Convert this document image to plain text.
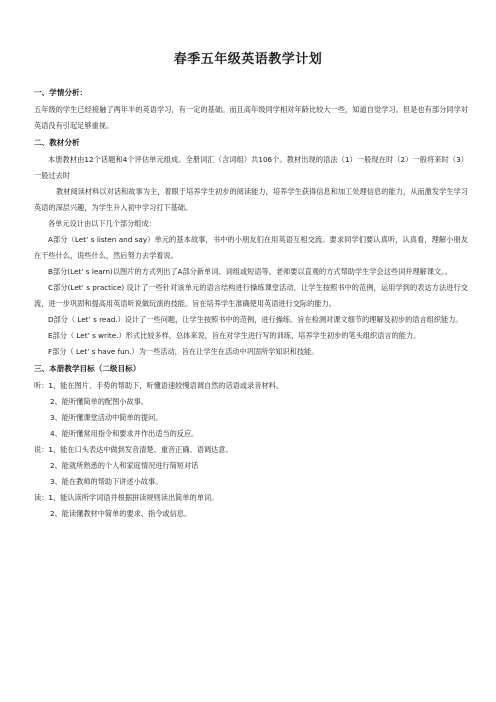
春季五年级英语教学计划
一、学情分析：

五年级的学生已经接触了两年半的英语学习，有一定的基础。而且高年级同学相对年龄比较大一些，知道自觉学习。但是也有部分同学对英语没有引起足够重视。

二、教材分析

本册教材由12个话题和4个评估单元组成。全册词汇（含词组）共106个。教材出现的语法（1）一般现在时（2）一般将来时（3）一般过去时

教材阅读材料以对话和故事为主，着眼于培养学生初步的阅读能力，培养学生获得信息和加工处理信息的能力，从而激发学生学习英语的深层兴趣，为学生升入初中学习打下基础。

各单元设计由以下几个部分组成：

A部分（Let’ s listen and say）单元的基本故事，书中的小朋友们在用英语互相交流。要求同学们要认真听，认真看，理解小朋友在干些什么，说些什么，然后努力去学着说。

B部分(Let’ s learn)以图片的方式列出了A部分新单词、词组或短语等。老师要以直观的方式帮助学生学会这些词并理解课文。。

C部分(Let’ s practice) 设计了一些针对该单元的语言结构进行操练课堂活动，让学生按照书中的范例，运用学到的表达方法进行交流，进一步巩固和提高用英语听说做玩演的技能。旨在培养学生准确使用英语进行交际的能力。

D部分（ Let’ s read.）设计了一些问题，让学生按照书中的范例，进行操练。旨在检测对课文细节的理解及初步的语言组织能力。

E部分（ Let’ s write.）形式比较多样，总体来说，旨在对学生进行写的训练，培养学生初步的笔头组织语言的能力。

F部分（ Let’ s have fun.）为一些活动，旨在让学生在活动中巩固所学知识和技能。

三、本册教学目标（二级目标）

听：1、能在图片、手势的帮助下，听懂语速较慢语调自然的话语或录音材料。

2、能听懂简单的配图小故事。

3、能听懂课堂活动中简单的提问。

4、能听懂常用指令和要求并作出适当的反应。

说：1、能在口头表达中做到发音清楚、重音正确、语调达意。

2、能就所熟悉的个人和家庭情况进行简短对话

3、能在教师的帮助下讲述小故事。

读：1、能认读所学词语并根据拼读规则读出简单的单词。

2、能读懂教材中简单的要求、指令或信息。
